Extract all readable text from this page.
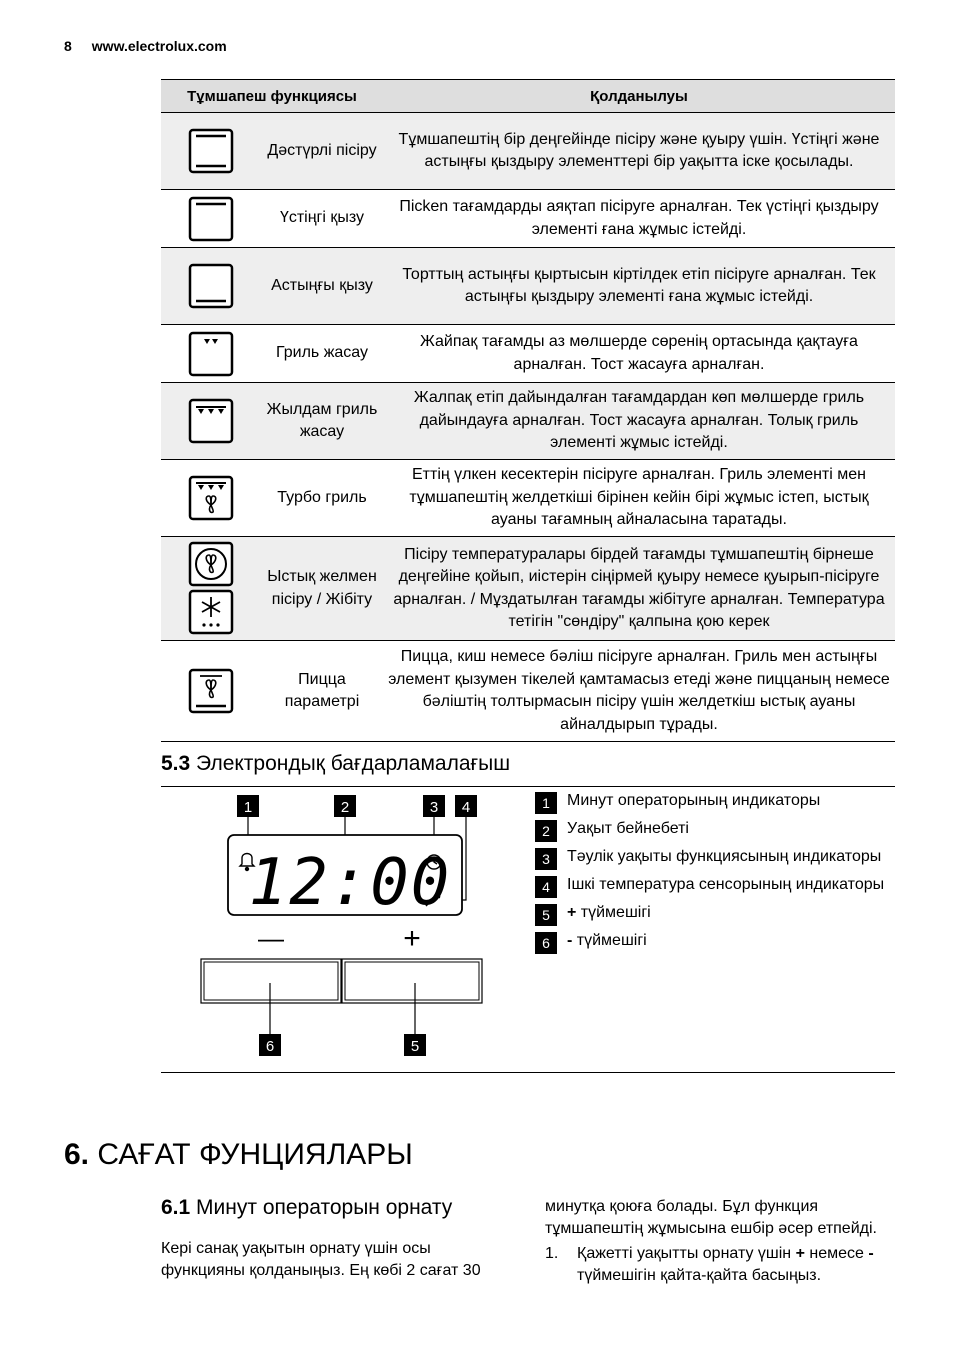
8 www.electrolux.com
Тұмшапеш функциясы		Қолданылуы
	Дәстүрлі пісіру	Тұмшапештің бір деңгейінде пісіру және қуыру үшін. Үстіңгі және астыңғы қыздыру элементтері бір уақытта іске қосылады.
	Үстіңгі қызу	Пісken тағамдарды аяқтап пісіруге арналған. Тек үстіңгі қыздыру элементі ғана жұмыс істейді.
	Астыңғы қызу	Торттың астыңғы қыртысын кірт​ілдек етіп пісіруге арналған. Тек астыңғы қыздыру элементі ғана жұмыс істейді.
	Гриль жасау	Жайпақ тағамды аз мөлшерде сөренің ортасында қақтауға арналған. Тост жасауға арналған.
	Жылдам гриль жасау	Жалпақ етіп дайындалған тағамдардан көп мөлшерде гриль дайындауға арналған. Тост жасауға арналған. Толық гриль элементі жұмыс істейді.
	Турбо гриль	Еттің үлкен кесектерін пісіруге арналған. Гриль элементі мен тұмшапештің желдеткіші бірінен кейін бірі жұмыс істеп, ыстық ауаны тағамның айналасына таратады.
	Ыстық желмен пісіру / Жібіту	Пісіру температуралары бірдей тағамды тұмшапештің бірнеше деңгейіне қойып, иістерін сіңірмей қуыру немесе қуырып-пісіруге арналған. / Мұздатылған тағамды жібітуге арналған. Температура тетігін "сөндіру" қалпына қою керек
	Пицца параметрі	Пицца, киш немесе бәліш пісіруге арналған. Гриль мен астыңғы элемент қызумен тікелей қамтамасыз етеді және пиццаның немесе бәліштің толтырмасын пісіру үшін желдеткіш ыстық ауаны айналдырып тұрады.
5.3 Электрондық бағдарламалағыш
1	2	3 4
12:00
—	+
6	5
1	Минут операторының индикаторы
2	Уақыт бейнебеті
3	Тәулік уақыты функциясының индикаторы
4	Ішкі температура сенсорының индикаторы
5	+ түймешігі
6	- түймешігі
6. САҒАТ ФУНЦИЯЛАРЫ
6.1 Минут операторын орнату
Кері санақ уақытын орнату үшін осы функцияны қолданыңыз. Ең көбі 2 сағат 30
минутқа қоюға болады. Бұл функция тұмшапештің жұмысына ешбір әсер етпейді.
1.	Қажетті уақытты орнату үшін + немесе - түймешігін қайта-қайта басыңыз.
